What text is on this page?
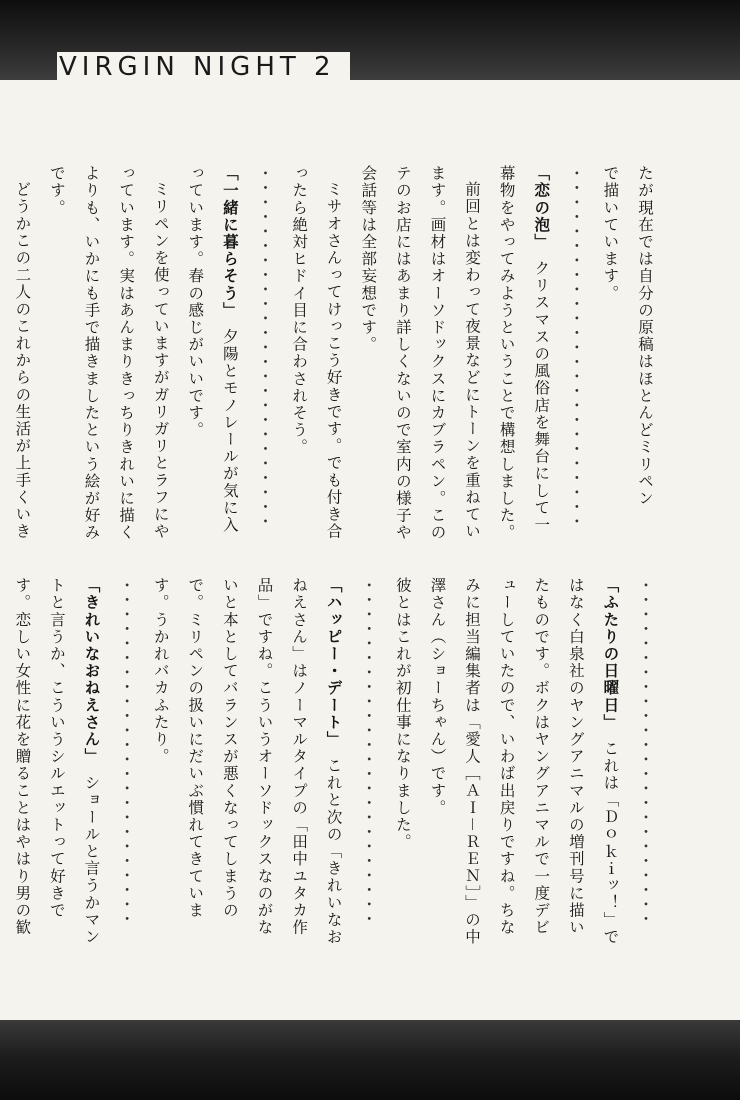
VIRGIN NIGHT 2
たが現在では自分の原稿はほとんどミリペン
で描いています。
・・・・・・・・・・・・・・・・・・・・・・・・・
「恋の泡」　クリスマスの風俗店を舞台にして一幕物をやってみようということで構想しました。
前回とは変わって夜景などにトーンを重ねています。画材はオーソドックスにカブラペン。このテのお店にはあまり詳しくないので室内の様子や会話等は全部妄想です。
ミサオさんってけっこう好きです。でも付き合ったら絶対ヒドイ目に合わされそう。
・・・・・・・・・・・・・・・・・・・・・・・・・
「一緒に暮らそう」　夕陽とモノレールが気に入っています。春の感じがいいです。
ミリペンを使っていますがガリガリとラフにやっています。実はあんまりきっちりきれいに描くよりも、いかにも手で描きましたという絵が好みです。
どうかこの二人のこれからの生活が上手くいき
・・・・・・・・・・・・・・・・・・・・・・・・
「ふたりの日曜日」　これは「Ｄｏｋｉッ！」ではなく白泉社のヤングアニマルの増刊号に描いたものです。ボクはヤングアニマルで一度デビューしていたので、いわば出戻りですね。ちなみに担当編集者は「愛人［ＡＩ－ＲＥＮ］」の中澤さん（ショーちゃん）です。
彼とはこれが初仕事になりました。
・・・・・・・・・・・・・・・・・・・・・・・・
「ハッピー・デート」　これと次の「きれいなおねえさん」はノーマルタイプの「田中ユタカ作品」ですね。こういうオーソドックスなのがないと本としてバランスが悪くなってしまうので。ミリペンの扱いにだいぶ慣れてきています。うかれバカふたり。
・・・・・・・・・・・・・・・・・・・・・・・・
「きれいなおねえさん」　ショールと言うかマントと言うか、こういうシルエットって好きです。恋しい女性に花を贈ることはやはり男の歓
